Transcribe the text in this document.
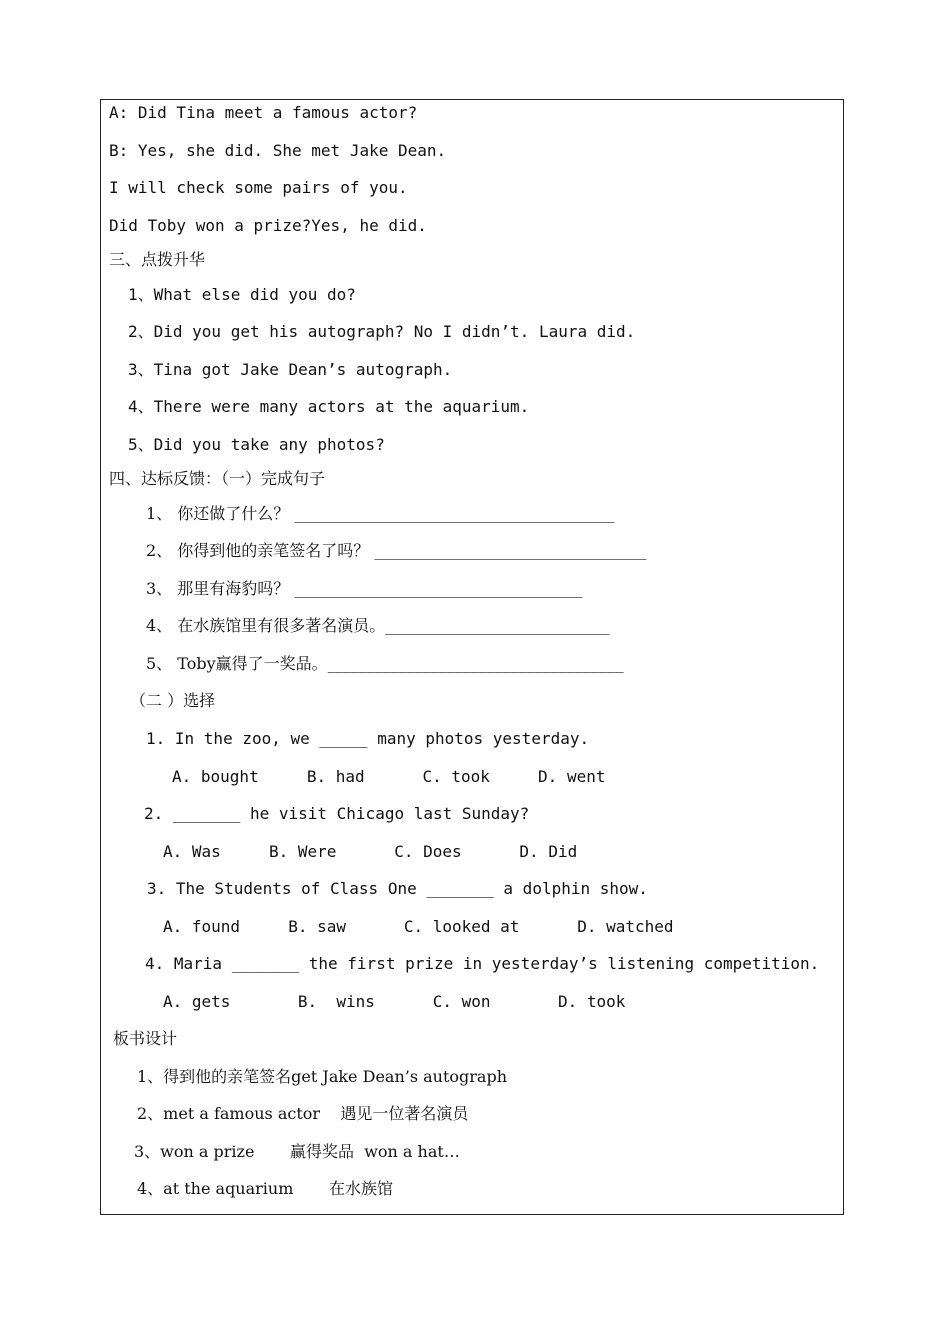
A: Did Tina meet a famous actor?
B: Yes, she did. She met Jake Dean.
I will check some pairs of you.
Did Toby won a prize?Yes, he did.
三、点拨升华
1、What else did you do?
2、Did you get his autograph? No I didn’t. Laura did.
3、Tina got Jake Dean’s autograph.
4、There were many actors at the aquarium.
5、Did you take any photos?
四、达标反馈：（一）完成句子
1、 你还做了什么？ ________________________________________
2、 你得到他的亲笔签名了吗？ __________________________________
3、 那里有海豹吗？ ____________________________________
4、 在水族馆里有很多著名演员。____________________________
5、 Toby赢得了一奖品。_____________________________________
（二 ）选择
1. In the zoo, we _____ many photos yesterday.
A. bought     B. had      C. took     D. went
2. _______ he visit Chicago last Sunday?
A. Was     B. Were      C. Does      D. Did
3. The Students of Class One _______ a dolphin show.
A. found     B. saw      C. looked at      D. watched
4. Maria _______ the first prize in yesterday’s listening competition.
A. gets       B.  wins      C. won       D. took
板书设计
1、得到他的亲笔签名get Jake Dean’s autograph
2、met a famous actor    遇见一位著名演员
3、won a prize       赢得奖品  won a hat…
4、at the aquarium       在水族馆
